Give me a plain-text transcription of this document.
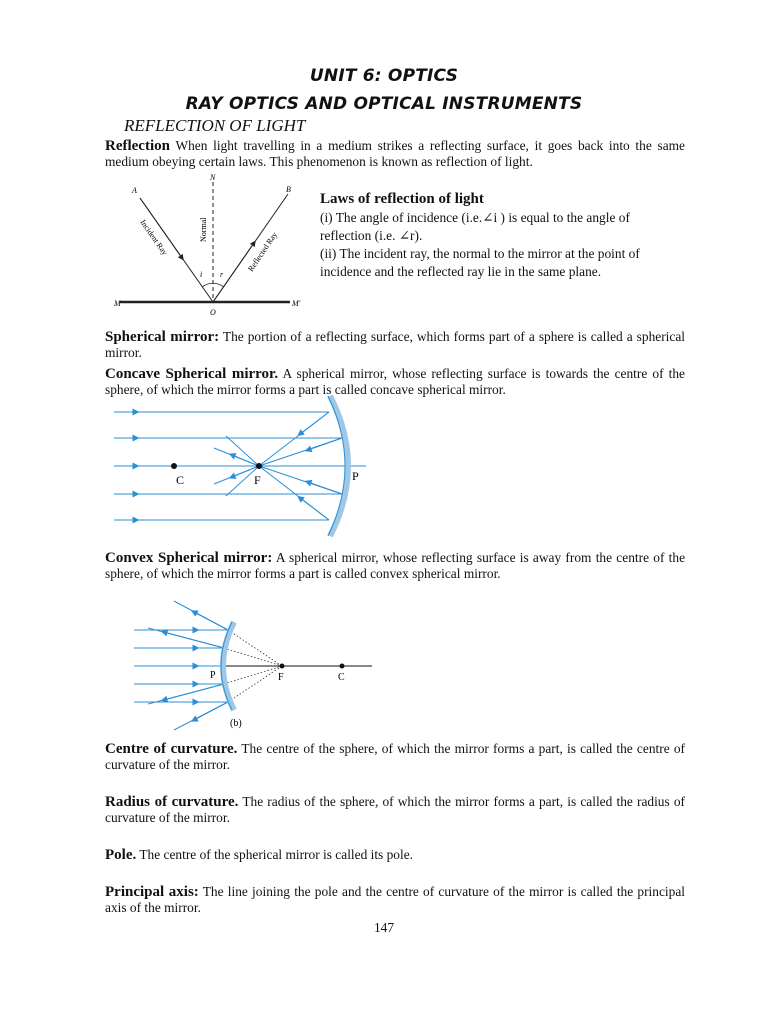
UNIT 6: OPTICS
RAY OPTICS AND OPTICAL INSTRUMENTS
REFLECTION OF LIGHT
Reflection When light travelling in a medium strikes a reflecting surface, it goes back into the same medium obeying certain laws. This phenomenon is known as reflection of light.
A	B
N
M	M'
O
i r
Incident Ray	Normal
Reflected Ray
Laws of reflection of light
(i) The angle of incidence (i.e.∠i ) is equal to the angle of
reflection (i.e. ∠r).
(ii) The incident ray, the normal to the mirror at the point of
incidence and the reflected ray lie in the same plane.
Spherical mirror: The portion of a reflecting surface, which forms part of a sphere is called a spherical mirror.
Concave Spherical mirror. A spherical mirror, whose reflecting surface is towards the centre of the sphere, of which the mirror forms a part is called concave spherical mirror.
C	F	P
Convex Spherical mirror: A spherical mirror, whose reflecting surface is away from the centre of the sphere, of which the mirror forms a part is called convex spherical mirror.
P	F	C
(b)
Centre of curvature. The centre of the sphere, of which the mirror forms a part, is called the centre of curvature of the mirror.
Radius of curvature. The radius of the sphere, of which the mirror forms a part, is called the radius of curvature of the mirror.
Pole. The centre of the spherical mirror is called its pole.
Principal axis: The line joining the pole and the centre of curvature of the mirror is called the principal axis of the mirror.
147
